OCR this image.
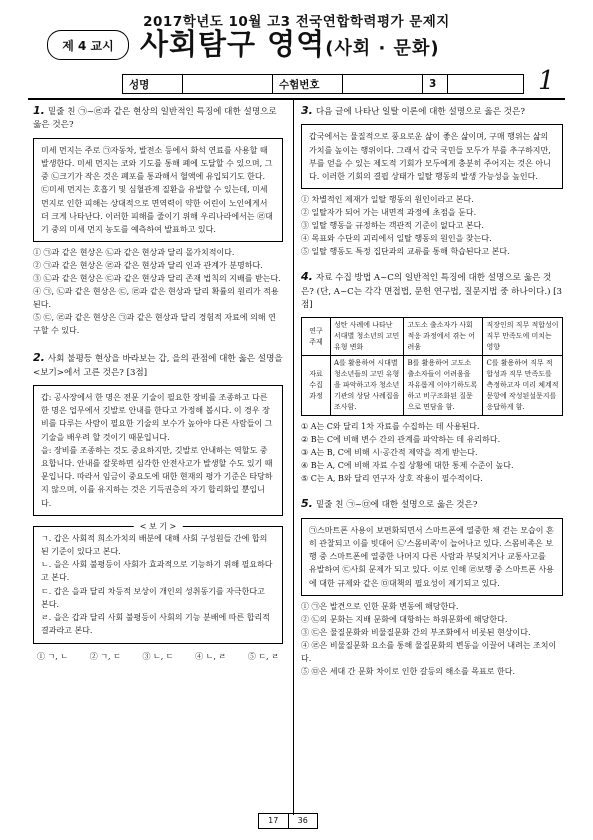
2017학년도 10월 고3 전국연합학력평가 문제지
제 4 교시 사회탐구 영역(사회 · 문화)
성명	수험번호	3	1
1. 밑줄 친 ㉠~㉣과 같은 현상의 일반적인 특징에 대한 설명으로 옳은 것은?
미세 먼지는 주로 ㉠자동차, 발전소 등에서 화석 연료를 사용할 때 발생한다. 미세 먼지는 코와 기도를 통해 폐에 도달할 수 있으며, 그 중 ㉡크기가 작은 것은 폐포를 통과해서 혈액에 유입되기도 한다. ㉢미세 먼지는 호흡기 및 심혈관계 질환을 유발할 수 있는데, 미세 먼지로 인한 피해는 상대적으로 면역력이 약한 어린이 노인에게서 더 크게 나타난다. 이러한 피해를 줄이기 위해 우리나라에서는 ㉣대기 중의 미세 먼지 농도를 예측하여 발표하고 있다.
① ㉠과 같은 현상은 ㉡과 같은 현상과 달리 몰가치적이다.
② ㉠과 같은 현상은 ㉣과 같은 현상과 달리 인과 관계가 분명하다.
③ ㉡과 같은 현상은 ㉢과 같은 현상과 달리 존재 법칙의 지배를 받는다.
④ ㉠, ㉡과 같은 현상은 ㉢, ㉣과 같은 현상과 달리 확률의 원리가 적용된다.
⑤ ㉢, ㉣과 같은 현상은 ㉠과 같은 현상과 달리 경험적 자료에 의해 연구할 수 있다.
2. 사회 불평등 현상을 바라보는 갑, 을의 관점에 대한 옳은 설명을 <보기>에서 고른 것은? [3점]
갑: 공사장에서 한 명은 전문 기술이 필요한 장비를 조종하고 다른 한 명은 업무에서 깃발로 안내를 한다고 가정해 봅시다. 이 경우 장비를 다루는 사람이 필요한 기술의 보수가 높아야 다른 사람들이 그 기술을 배우려 할 것이기 때문입니다.
을: 장비를 조종하는 것도 중요하지만, 깃발로 안내하는 역할도 중요합니다. 안내를 잘못하면 심각한 안전사고가 발생할 수도 있기 때문입니다. 따라서 임금이 중요도에 대한 현재의 평가 기준은 타당하지 않으며, 이를 유지하는 것은 기득권층의 자기 합리화일 뿐입니다.
< 보 기 >
ㄱ. 갑은 사회적 희소가치의 배분에 대해 사회 구성원들 간에 합의된 기준이 있다고 본다.
ㄴ. 을은 사회 불평등이 사회가 효과적으로 기능하기 위해 필요하다고 본다.
ㄷ. 갑은 을과 달리 차등적 보상이 개인의 성취동기를 자극한다고 본다.
ㄹ. 을은 갑과 달리 사회 불평등이 사회의 기능 분배에 따른 합리적 결과라고 본다.
① ㄱ, ㄴ	② ㄱ, ㄷ	③ ㄴ, ㄷ	④ ㄴ, ㄹ	⑤ ㄷ, ㄹ
3. 다음 글에 나타난 일탈 이론에 대한 설명으로 옳은 것은?
갑국에서는 물질적으로 풍요로운 삶이 좋은 삶이며, 구매 행위는 삶의 가치를 높이는 행위이다. 그래서 갑국 국민들 모두가 부를 추구하지만, 부를 얻을 수 있는 제도적 기회가 모두에게 충분히 주어지는 것은 아니다. 이러한 기회의 결핍 상태가 일탈 행동의 발생 가능성을 높인다.
① 차별적인 제재가 일탈 행동의 원인이라고 본다.
② 일탈자가 되어 가는 내면적 과정에 초점을 둔다.
③ 일탈 행동을 규정하는 객관적 기준이 없다고 본다.
④ 목표와 수단의 괴리에서 일탈 행동의 원인을 찾는다.
⑤ 일탈 행동도 특정 집단과의 교류를 통해 학습된다고 본다.
4. 자료 수집 방법 A~C의 일반적인 특징에 대한 설명으로 옳은 것은? (단, A~C는 각각 면접법, 문헌 연구법, 질문지법 중 하나이다.) [3점]
연구 주제	성탄 사례에 나타난 서대별 청소년의 고민 유형 변화	고도소 출소자가 사회 적응 과정에서 겪는 어려움	직장인의 직무 적합성이 직무 만족도에 미치는 영향
자료 수집 과정	A를 활용하여 시대별 청소년들의 고민 유형을 파악하고자 청소년 기관의 상담 사례집을 조사함.	B를 활용하여 고도소 출소자들이 어려움을 자유롭게 이야기하도록 하고 비구조화된 질문으로 면담을 함.	C를 활용하여 직무 적합성과 직무 만족도를 측정하고자 미리 체계적 문항에 작성된설문지를 응답하게 함.
① A는 C와 달리 1차 자료를 수집하는 데 사용된다.
② B는 C에 비해 변수 간의 관계를 파악하는 데 유리하다.
③ A는 B, C에 비해 시·공간적 제약을 적게 받는다.
④ B는 A, C에 비해 자료 수집 상황에 대한 통제 수준이 높다.
⑤ C는 A, B와 달리 연구자 상호 작용이 필수적이다.
5. 밑줄 친 ㉠~㉤에 대한 설명으로 옳은 것은?
㉠스마트폰 사용이 보편화되면서 스마트폰에 열중한 채 걷는 모습이 흔히 관찰되고 이를 빗대어 ㉡'스몸비족'이 늘어나고 있다. 스몸비족은 보행 중 스마트폰에 열중한 나머지 다른 사람과 부딪치거나 교통사고를 유발하여 ㉢사회 문제가 되고 있다. 이로 인해 ㉣보행 중 스마트폰 사용에 대한 규제와 같은 ㉤대책의 필요성이 제기되고 있다.
① ㉠은 발견으로 인한 문화 변동에 해당한다.
② ㉡의 문화는 지배 문화에 대항하는 하위문화에 해당한다.
③ ㉢은 물질문화와 비물질문화 간의 부조화에서 비롯된 현상이다.
④ ㉣은 비물질문화 요소를 통해 물질문화의 변동을 이끌어 내려는 조치이다.
⑤ ㉤은 세대 간 문화 차이로 인한 갈등의 해소를 목표로 한다.
17	36
